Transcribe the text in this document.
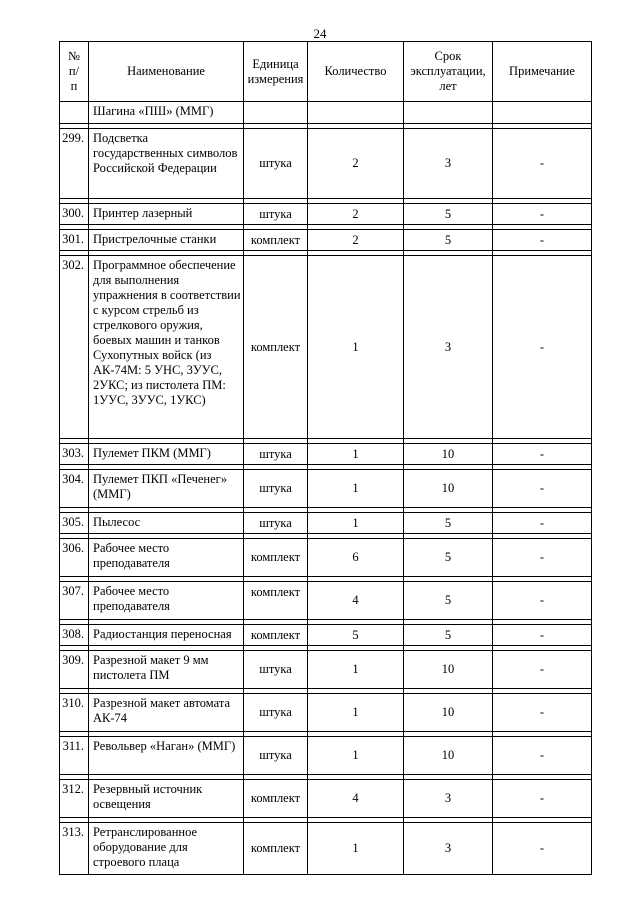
24
№ п/п	Наименование	Единица измерения	Количество	Срок эксплуатации, лет	Примечание
	Шагина «ПШ» (ММГ)				

299.	Подсветка государственных символов Российской Федерации	штука	2	3	-

300.	Принтер лазерный	штука	2	5	-

301.	Пристрелочные станки	комплект	2	5	-

302.	Программное обеспечение для выполнения упражнения в соответствии с курсом стрельб из стрелкового оружия, боевых машин и танков Сухопутных войск (из АК-74М: 5 УНС, 3УУС, 2УКС; из пистолета ПМ: 1УУС, 3УУС, 1УКС)	комплект	1	3	-

303.	Пулемет ПКМ (ММГ)	штука	1	10	-

304.	Пулемет ПКП «Печенег» (ММГ)	штука	1	10	-

305.	Пылесос	штука	1	5	-

306.	Рабочее место преподавателя	комплект	6	5	-

307.	Рабочее место преподавателя	комплект	4	5	-

308.	Радиостанция переносная	комплект	5	5	-

309.	Разрезной макет 9 мм пистолета ПМ	штука	1	10	-

310.	Разрезной макет автомата АК-74	штука	1	10	-

311.	Револьвер «Наган» (ММГ)	штука	1	10	-

312.	Резервный источник освещения	комплект	4	3	-

313.	Ретранслированное оборудование для строевого плаца	комплект	1	3	-
